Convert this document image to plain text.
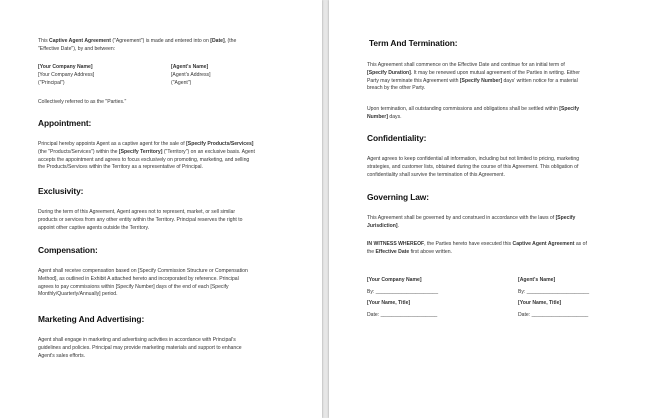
This Captive Agent Agreement ("Agreement") is made and entered into on [Date], (the
"Effective Date"), by and between:
[Your Company Name]
[Your Company Address]
("Principal")
[Agent's Name]
[Agent's Address]
("Agent")
Collectively referred to as the "Parties."
Appointment:
Principal hereby appoints Agent as a captive agent for the sale of [Specify Products/Services]
(the "Products/Services") within the [Specify Territory] ("Territory") on an exclusive basis. Agent
accepts the appointment and agrees to focus exclusively on promoting, marketing, and selling
the Products/Services within the Territory as a representative of Principal.
Exclusivity:
During the term of this Agreement, Agent agrees not to represent, market, or sell similar
products or services from any other entity within the Territory. Principal reserves the right to
appoint other captive agents outside the Territory.
Compensation:
Agent shall receive compensation based on [Specify Commission Structure or Compensation
Method], as outlined in Exhibit A attached hereto and incorporated by reference. Principal
agrees to pay commissions within [Specify Number] days of the end of each [Specify
Monthly/Quarterly/Annually] period.
Marketing And Advertising:
Agent shall engage in marketing and advertising activities in accordance with Principal's
guidelines and policies. Principal may provide marketing materials and support to enhance
Agent's sales efforts.
Term And Termination:
This Agreement shall commence on the Effective Date and continue for an initial term of
[Specify Duration]. It may be renewed upon mutual agreement of the Parties in writing. Either
Party may terminate this Agreement with [Specify Number] days' written notice for a material
breach by the other Party.
Upon termination, all outstanding commissions and obligations shall be settled within [Specify
Number] days.
Confidentiality:
Agent agrees to keep confidential all information, including but not limited to pricing, marketing
strategies, and customer lists, obtained during the course of this Agreement. This obligation of
confidentiality shall survive the termination of this Agreement.
Governing Law:
This Agreement shall be governed by and construed in accordance with the laws of [Specify
Jurisdiction].
IN WITNESS WHEREOF, the Parties hereto have executed this Captive Agent Agreement as of
the Effective Date first above written.
[Your Company Name]
By: ______________________
[Your Name, Title]
Date: ____________________
[Agent's Name]
By: ______________________
[Your Name, Title]
Date: ____________________
